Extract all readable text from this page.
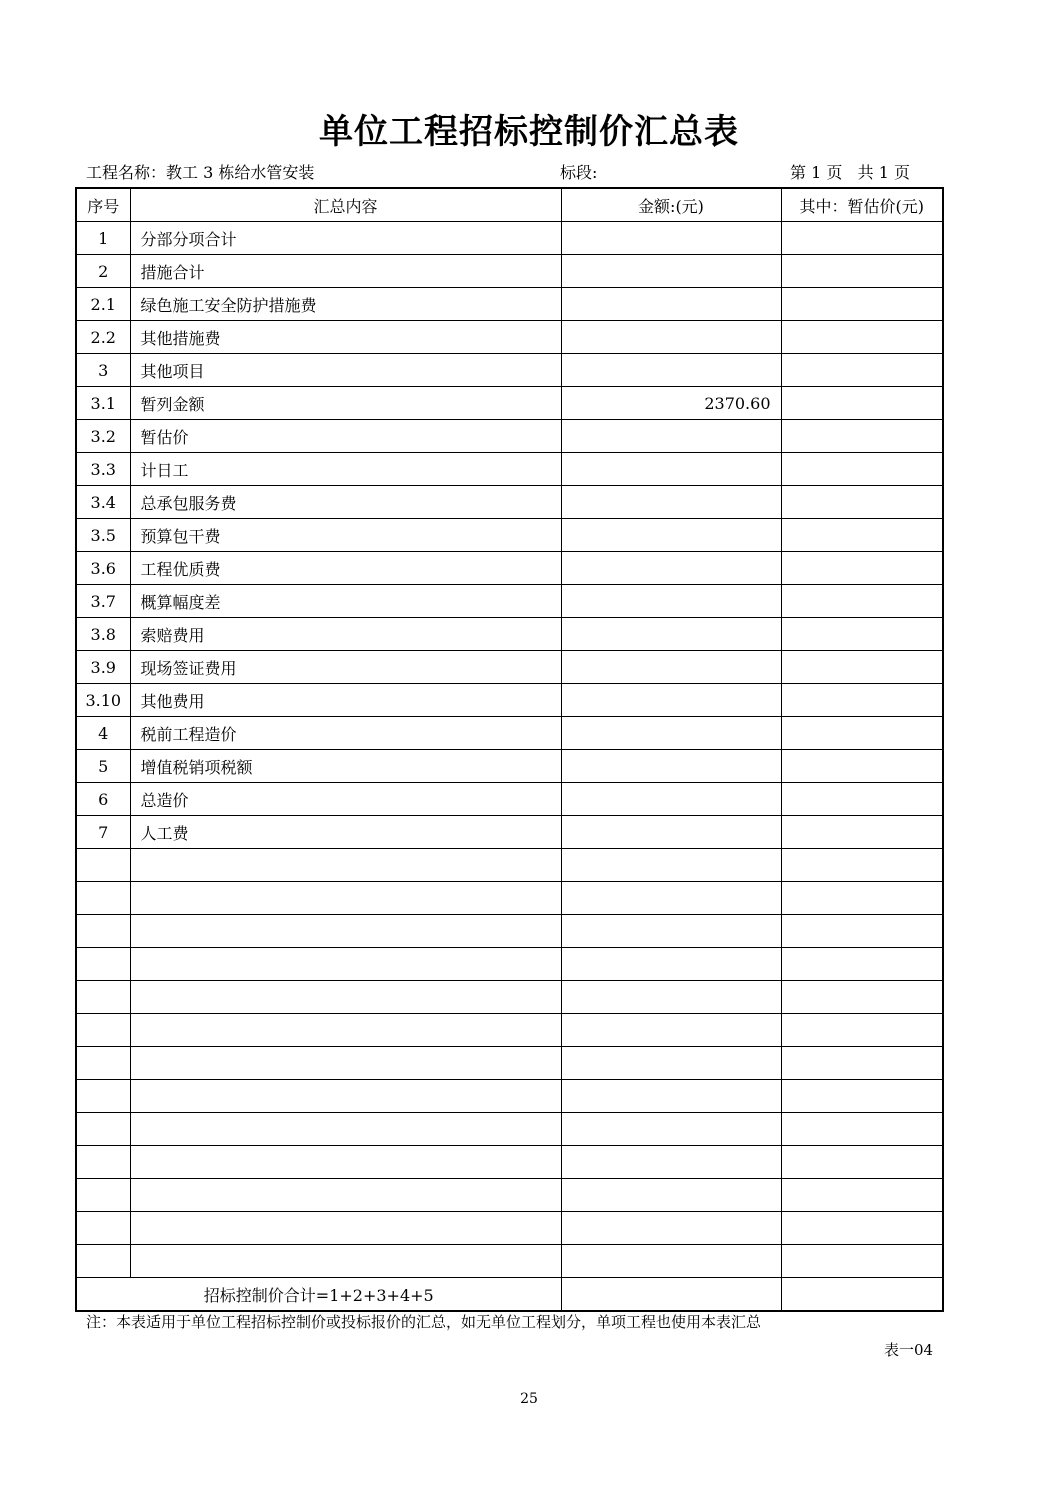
单位工程招标控制价汇总表
工程名称：教工 3 栋给水管安装	标段:	第 1 页   共 1 页
序号	汇总内容	金额:(元)	其中：暂估价(元)
1	分部分项合计		
2	措施合计		
2.1	绿色施工安全防护措施费		
2.2	其他措施费		
3	其他项目		
3.1	暂列金额	2370.60	
3.2	暂估价		
3.3	计日工		
3.4	总承包服务费		
3.5	预算包干费		
3.6	工程优质费		
3.7	概算幅度差		
3.8	索赔费用		
3.9	现场签证费用		
3.10	其他费用		
4	税前工程造价		
5	增值税销项税额		
6	总造价		
7	人工费		

招标控制价合计=1+2+3+4+5			
注：本表适用于单位工程招标控制价或投标报价的汇总，如无单位工程划分，单项工程也使用本表汇总
表一04
25
